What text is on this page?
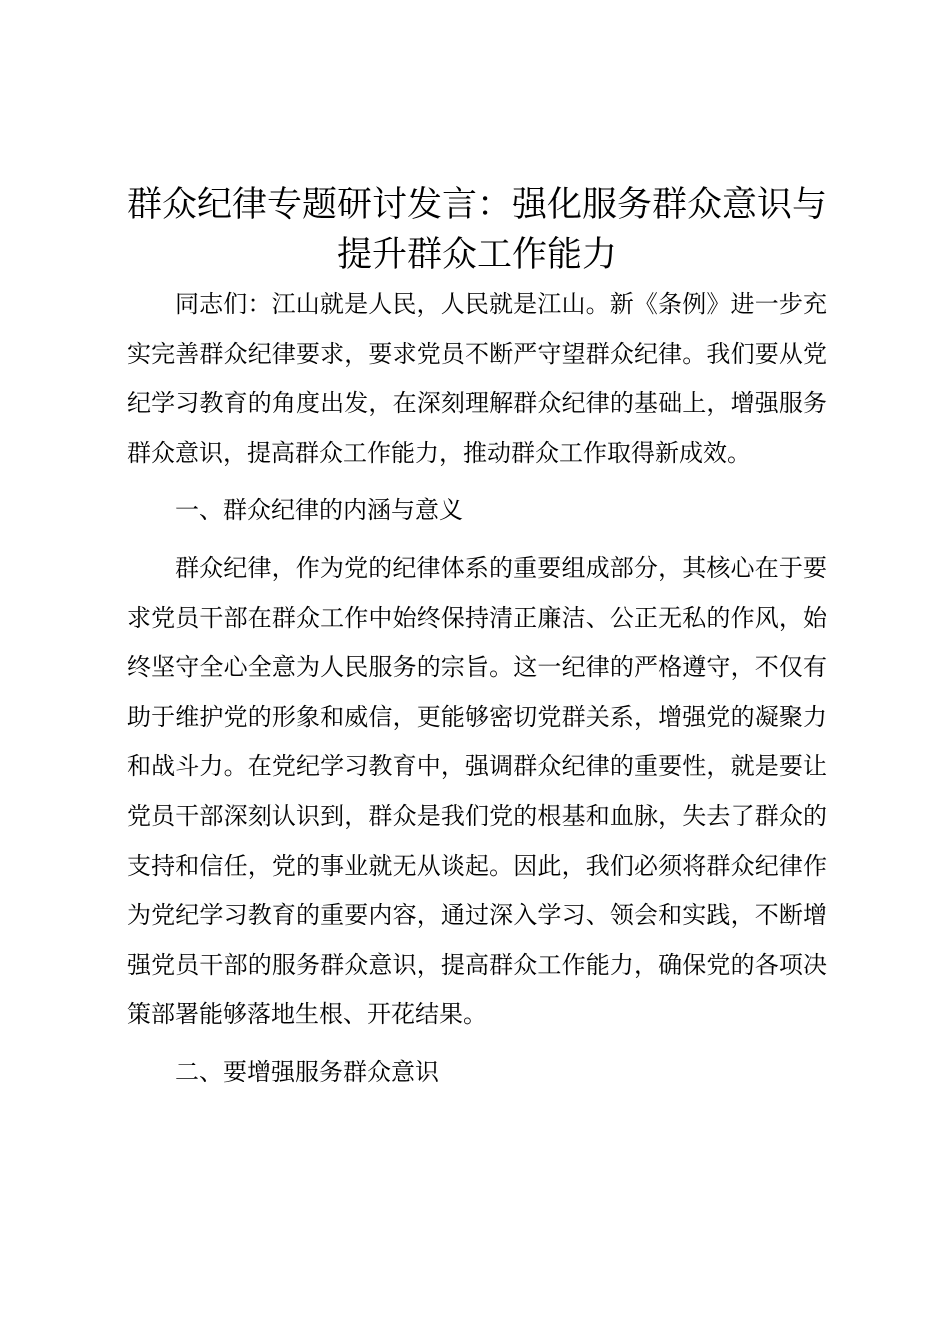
群众纪律专题研讨发言：强化服务群众意识与
提升群众工作能力

同志们：江山就是人民，人民就是江山。新《条例》进一步充实完善群众纪律要求，要求党员不断严守望群众纪律。我们要从党纪学习教育的角度出发，在深刻理解群众纪律的基础上，增强服务群众意识，提高群众工作能力，推动群众工作取得新成效。

一、群众纪律的内涵与意义

群众纪律，作为党的纪律体系的重要组成部分，其核心在于要求党员干部在群众工作中始终保持清正廉洁、公正无私的作风，始终坚守全心全意为人民服务的宗旨。这一纪律的严格遵守，不仅有助于维护党的形象和威信，更能够密切党群关系，增强党的凝聚力和战斗力。在党纪学习教育中，强调群众纪律的重要性，就是要让党员干部深刻认识到，群众是我们党的根基和血脉，失去了群众的支持和信任，党的事业就无从谈起。因此，我们必须将群众纪律作为党纪学习教育的重要内容，通过深入学习、领会和实践，不断增强党员干部的服务群众意识，提高群众工作能力，确保党的各项决策部署能够落地生根、开花结果。

二、要增强服务群众意识
